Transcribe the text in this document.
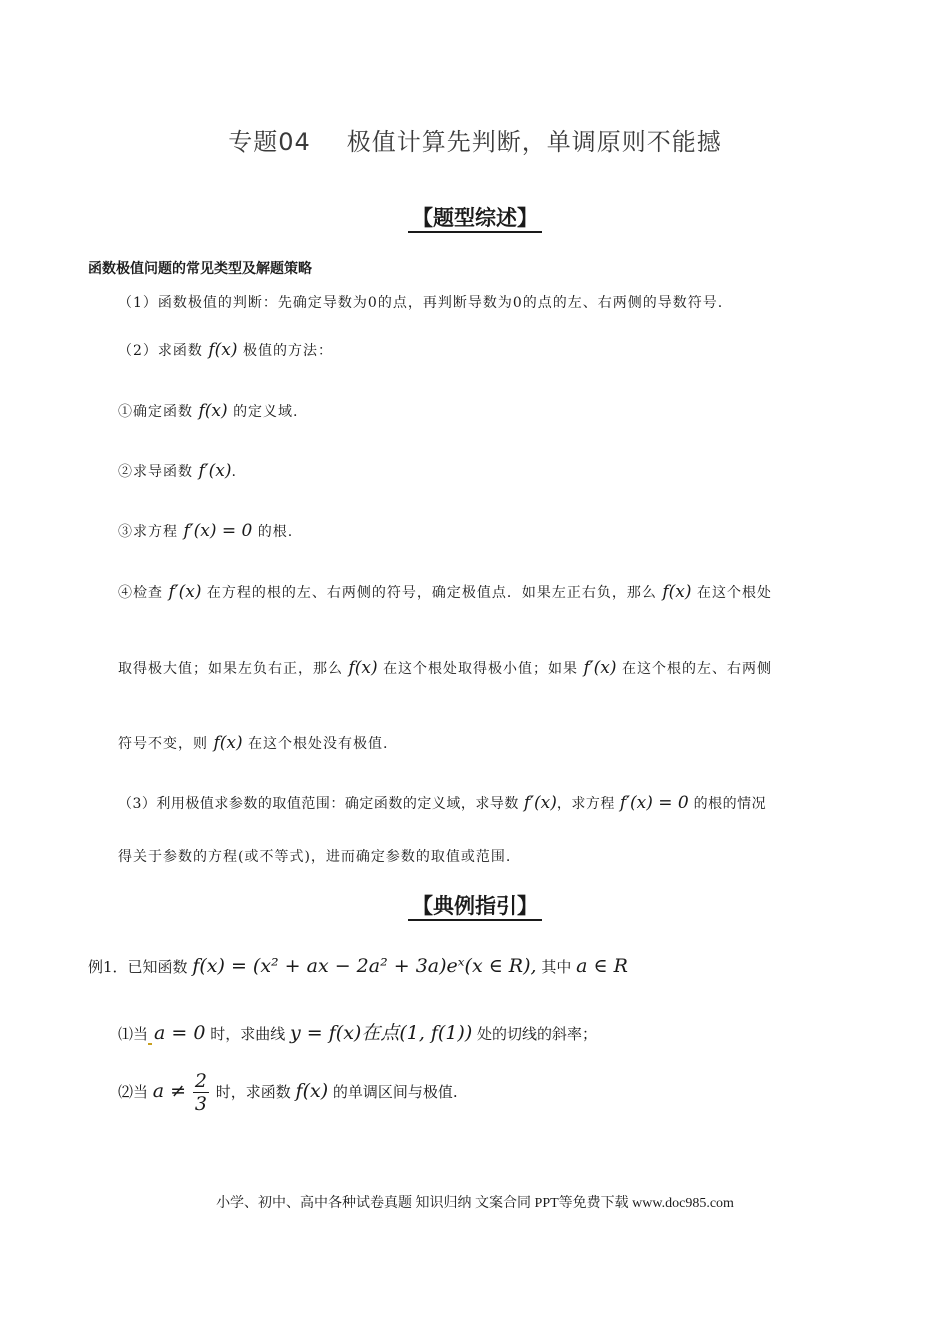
专题04 极值计算先判断，单调原则不能撼
【题型综述】
函数极值问题的常见类型及解题策略
（1）函数极值的判断：先确定导数为0的点，再判断导数为0的点的左、右两侧的导数符号.
（2）求函数 f(x) 极值的方法：
①确定函数 f(x) 的定义域.
②求导函数 f′(x).
③求方程 f′(x) = 0 的根.
④检查 f′(x) 在方程的根的左、右两侧的符号，确定极值点．如果左正右负，那么 f(x) 在这个根处
取得极大值；如果左负右正，那么 f(x) 在这个根处取得极小值；如果 f′(x) 在这个根的左、右两侧
符号不变，则 f(x) 在这个根处没有极值.
（3）利用极值求参数的取值范围：确定函数的定义域，求导数 f′(x)，求方程 f′(x) = 0 的根的情况
得关于参数的方程(或不等式)，进而确定参数的取值或范围.
【典例指引】
例1．已知函数 f(x) = (x² + ax − 2a² + 3a)eˣ(x ∈ R), 其中 a ∈ R
⑴当 a = 0 时，求曲线 y = f(x)在点(1, f(1)) 处的切线的斜率；
⑵当 $a \ne \frac{2}{3}$ 时，求函数 f(x) 的单调区间与极值.
小学、初中、高中各种试卷真题 知识归纳 文案合同 PPT等免费下载 www.doc985.com
